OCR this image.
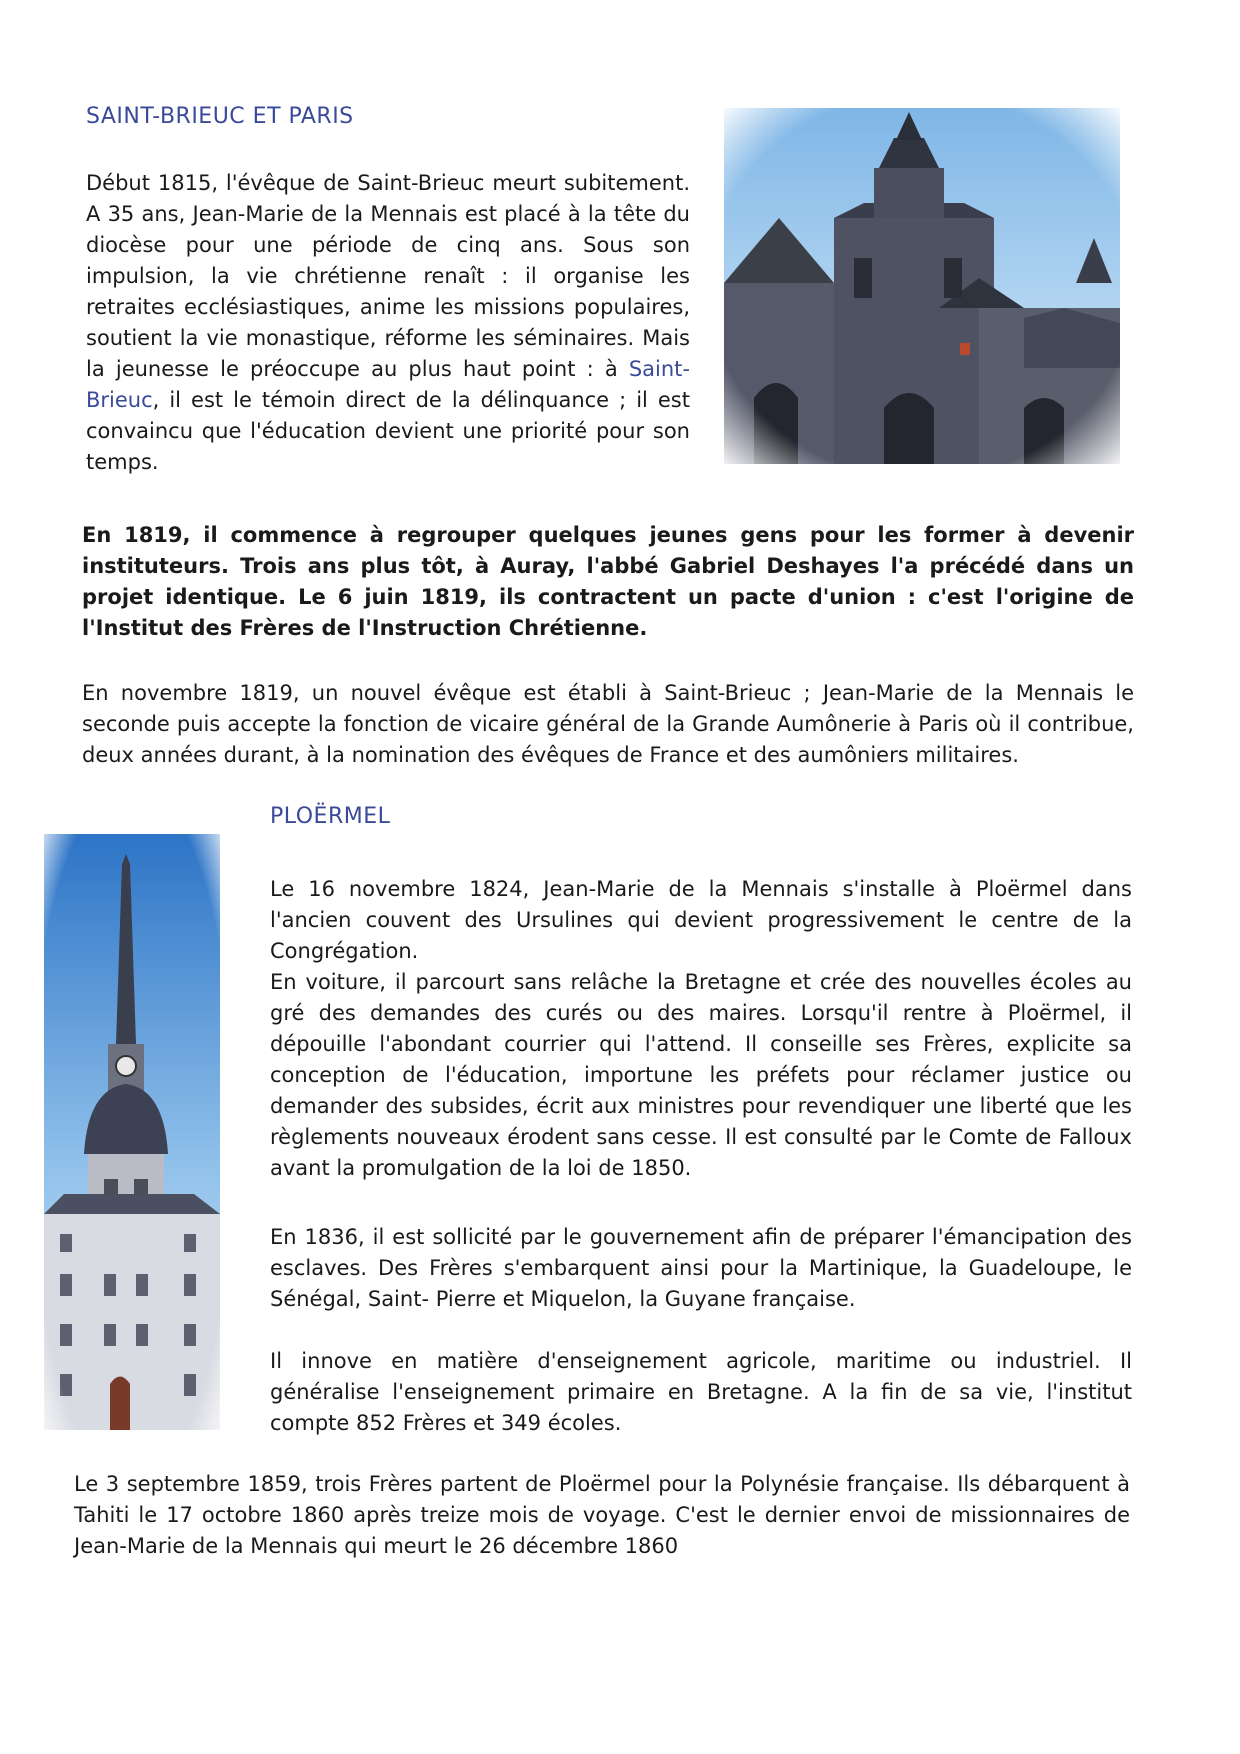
SAINT-BRIEUC ET PARIS

Début 1815, l'évêque de Saint-Brieuc meurt subitement. A 35 ans, Jean-Marie de la Mennais est placé à la tête du diocèse pour une période de cinq ans. Sous son impulsion, la vie chrétienne renaît : il organise les retraites ecclésiastiques, anime les missions populaires, soutient la vie monastique, réforme les séminaires. Mais la jeunesse le préoccupe au plus haut point : à Saint-Brieuc, il est le témoin direct de la délinquance ; il est convaincu que l'éducation devient une priorité pour son temps.

En 1819, il commence à regrouper quelques jeunes gens pour les former à devenir instituteurs. Trois ans plus tôt, à Auray, l'abbé Gabriel Deshayes l'a précédé dans un projet identique. Le 6 juin 1819, ils contractent un pacte d'union : c'est l'origine de l'Institut des Frères de l'Instruction Chrétienne.

En novembre 1819, un nouvel évêque est établi à Saint-Brieuc ; Jean-Marie de la Mennais le seconde puis accepte la fonction de vicaire général de la Grande Aumônerie à Paris où il contribue, deux années durant, à la nomination des évêques de France et des aumôniers militaires.

PLOËRMEL

Le 16 novembre 1824, Jean-Marie de la Mennais s'installe à Ploërmel dans l'ancien couvent des Ursulines qui devient progressivement le centre de la Congrégation.

En voiture, il parcourt sans relâche la Bretagne et crée des nouvelles écoles au gré des demandes des curés ou des maires. Lorsqu'il rentre à Ploërmel, il dépouille l'abondant courrier qui l'attend. Il conseille ses Frères, explicite sa conception de l'éducation, importune les préfets pour réclamer justice ou demander des subsides, écrit aux ministres pour revendiquer une liberté que les règlements nouveaux érodent sans cesse. Il est consulté par le Comte de Falloux avant la promulgation de la loi de 1850.

En 1836, il est sollicité par le gouvernement afin de préparer l'émancipation des esclaves. Des Frères s'embarquent ainsi pour la Martinique, la Guadeloupe, le Sénégal, Saint- Pierre et Miquelon, la Guyane française.

Il innove en matière d'enseignement agricole, maritime ou industriel. Il généralise l'enseignement primaire en Bretagne. A la fin de sa vie, l'institut compte 852 Frères et 349 écoles.

Le 3 septembre 1859, trois Frères partent de Ploërmel pour la Polynésie française. Ils débarquent à Tahiti le 17 octobre 1860 après treize mois de voyage. C'est le dernier envoi de missionnaires de Jean-Marie de la Mennais qui meurt le 26 décembre 1860
